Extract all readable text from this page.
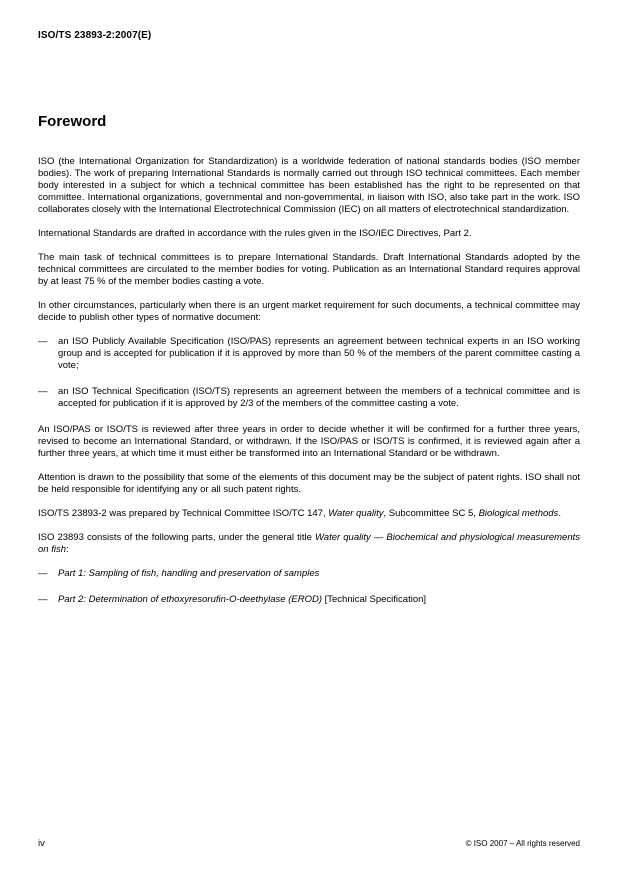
ISO/TS 23893-2:2007(E)
Foreword

ISO (the International Organization for Standardization) is a worldwide federation of national standards bodies (ISO member bodies). The work of preparing International Standards is normally carried out through ISO technical committees. Each member body interested in a subject for which a technical committee has been established has the right to be represented on that committee. International organizations, governmental and non-governmental, in liaison with ISO, also take part in the work. ISO collaborates closely with the International Electrotechnical Commission (IEC) on all matters of electrotechnical standardization.

International Standards are drafted in accordance with the rules given in the ISO/IEC Directives, Part 2.

The main task of technical committees is to prepare International Standards. Draft International Standards adopted by the technical committees are circulated to the member bodies for voting. Publication as an International Standard requires approval by at least 75 % of the member bodies casting a vote.

In other circumstances, particularly when there is an urgent market requirement for such documents, a technical committee may decide to publish other types of normative document:

—	an ISO Publicly Available Specification (ISO/PAS) represents an agreement between technical experts in an ISO working group and is accepted for publication if it is approved by more than 50 % of the members of the parent committee casting a vote;
—	an ISO Technical Specification (ISO/TS) represents an agreement between the members of a technical committee and is accepted for publication if it is approved by 2/3 of the members of the committee casting a vote.

An ISO/PAS or ISO/TS is reviewed after three years in order to decide whether it will be confirmed for a further three years, revised to become an International Standard, or withdrawn. If the ISO/PAS or ISO/TS is confirmed, it is reviewed again after a further three years, at which time it must either be transformed into an International Standard or be withdrawn.

Attention is drawn to the possibility that some of the elements of this document may be the subject of patent rights. ISO shall not be held responsible for identifying any or all such patent rights.

ISO/TS 23893-2 was prepared by Technical Committee ISO/TC 147, Water quality, Subcommittee SC 5, Biological methods.

ISO 23893 consists of the following parts, under the general title Water quality — Biochemical and physiological measurements on fish:

—	Part 1: Sampling of fish, handling and preservation of samples
—	Part 2: Determination of ethoxyresorufin-O-deethylase (EROD) [Technical Specification]
iv	© ISO 2007 – All rights reserved
